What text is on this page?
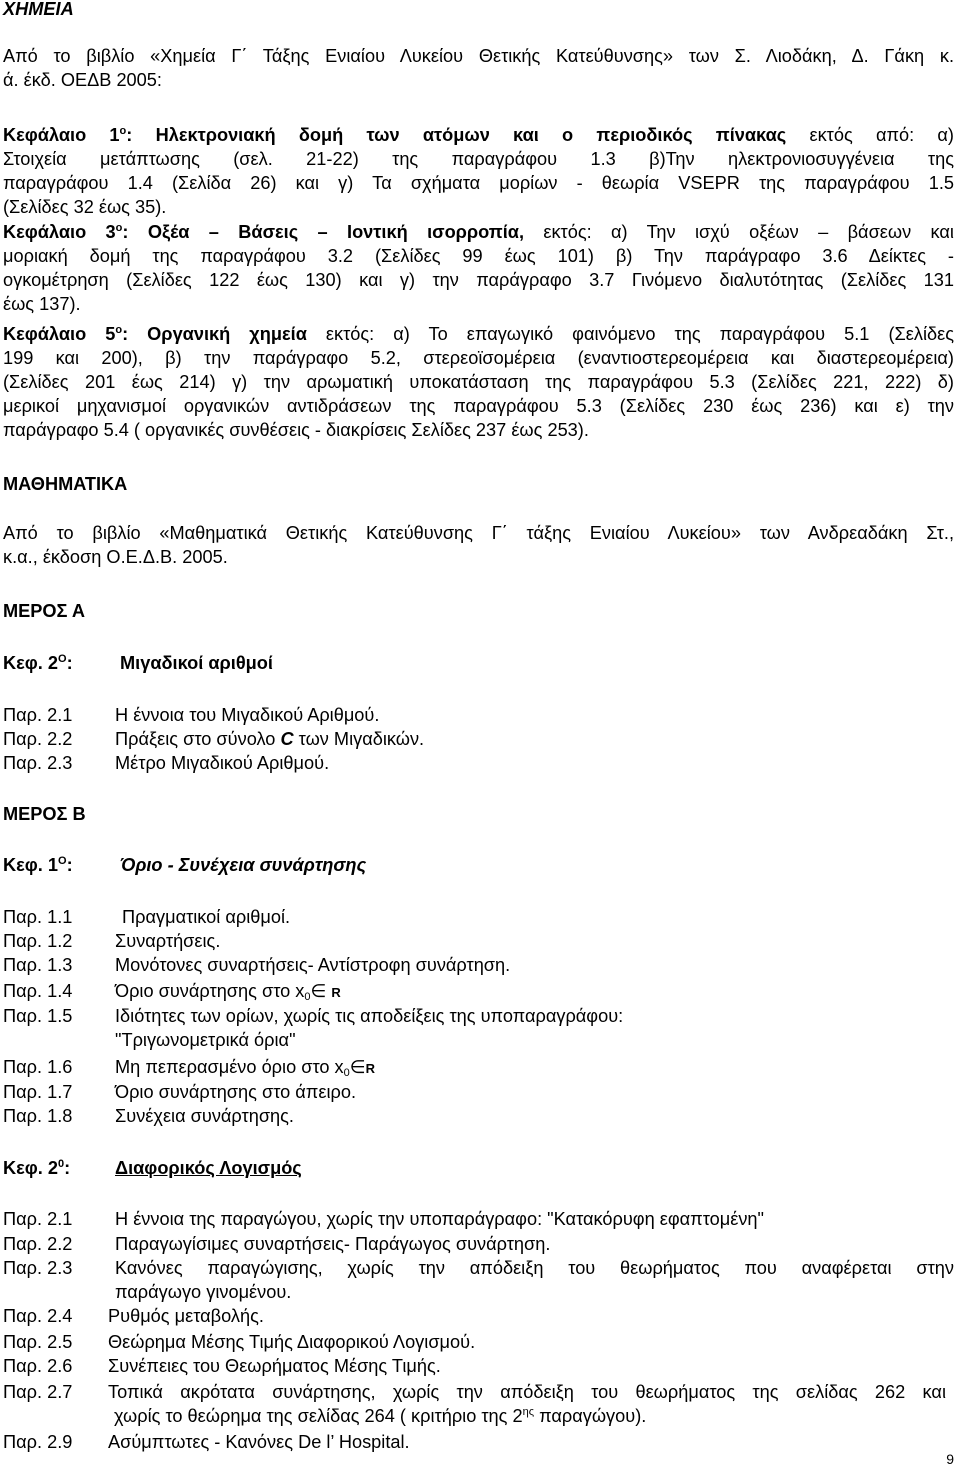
ΧΗΜΕΙΑ
Από το βιβλίο «Χημεία Γ΄ Τάξης Ενιαίου Λυκείου Θετικής Κατεύθυνσης» των Σ. Λιοδάκη, Δ. Γάκη κ.
ά. έκδ. ΟΕΔΒ 2005:
Κεφάλαιο $1^o$: Ηλεκτρονιακή δομή των ατόμων και ο περιοδικός πίνακας εκτός από: α)
Στοιχεία μετάπτωσης (σελ. 21-22) της παραγράφου 1.3 β)Την ηλεκτρονιοσυγγένεια της
παραγράφου 1.4 (Σελίδα 26) και γ) Τα σχήματα μορίων - θεωρία VSEPR της παραγράφου 1.5
(Σελίδες 32 έως 35).
Κεφάλαιο $3^o$: Οξέα – Βάσεις – Ιοντική ισορροπία, εκτός: α) Την ισχύ οξέων – βάσεων και
μοριακή δομή της παραγράφου 3.2 (Σελίδες 99 έως 101) β) Την παράγραφο 3.6 Δείκτες -
ογκομέτρηση (Σελίδες 122 έως 130) και γ) την παράγραφο 3.7 Γινόμενο διαλυτότητας (Σελίδες 131
έως 137).
Κεφάλαιο $5^o$: Οργανική χημεία εκτός: α) Το επαγωγικό φαινόμενο της παραγράφου 5.1 (Σελίδες
199 και 200), β) την παράγραφο 5.2, στερεοϊσομέρεια (εναντιοστερεομέρεια και διαστερεομέρεια)
(Σελίδες 201 έως 214) γ) την αρωματική υποκατάσταση της παραγράφου 5.3 (Σελίδες 221, 222) δ)
μερικοί μηχανισμοί οργανικών αντιδράσεων της παραγράφου 5.3 (Σελίδες 230 έως 236) και ε) την
παράγραφο 5.4 ( οργανικές συνθέσεις - διακρίσεις Σελίδες 237 έως 253).
ΜΑΘΗΜΑΤΙΚΑ
Από το βιβλίο «Μαθηματικά Θετικής Κατεύθυνσης Γ΄ τάξης Ενιαίου Λυκείου» των Ανδρεαδάκη Στ.,
κ.α., έκδοση Ο.Ε.Δ.Β. 2005.
ΜΕΡΟΣ Α
Κεφ. $2^O$:	Μιγαδικοί αριθμοί
Παρ. 2.1 Η έννοια του Μιγαδικού Αριθμού.
Παρ. 2.2 Πράξεις στο σύνολο C των Μιγαδικών.
Παρ. 2.3 Μέτρο Μιγαδικού Αριθμού.
ΜΕΡΟΣ Β
Κεφ. $1^O$:	Όριο - Συνέχεια συνάρτησης
Παρ. 1.1	Πραγματικοί αριθμοί.
Παρ. 1.2 Συναρτήσεις.
Παρ. 1.3 Μονότονες συναρτήσεις- Αντίστροφη συνάρτηση.
Παρ. 1.4 Όριο συνάρτησης στο $x_0\in$ R
Παρ. 1.5 Ιδιότητες των ορίων, χωρίς τις αποδείξεις της υποπαραγράφου:
"Τριγωνομετρικά όρια"
Παρ. 1.6 Μη πεπερασμένο όριο στο $x_0\in R$
Παρ. 1.7 Όριο συνάρτησης στο άπειρο.
Παρ. 1.8 Συνέχεια συνάρτησης.
Κεφ. $2^0$: Διαφορικός Λογισμός
Παρ. 2.1 Η έννοια της παραγώγου, χωρίς την υποπαράγραφο: "Κατακόρυφη εφαπτομένη"
Παρ. 2.2 Παραγωγίσιμες συναρτήσεις- Παράγωγος συνάρτηση.
Παρ. 2.3 Κανόνες παραγώγισης, χωρίς την απόδειξη του θεωρήματος που αναφέρεται στην
παράγωγο γινομένου.
Παρ. 2.4 Ρυθμός μεταβολής.
Παρ. 2.5 Θεώρημα Μέσης Τιμής Διαφορικού Λογισμού.
Παρ. 2.6 Συνέπειες του Θεωρήματος Μέσης Τιμής.
Παρ. 2.7 Τοπικά ακρότατα συνάρτησης, χωρίς την απόδειξη του θεωρήματος της σελίδας 262 και
χωρίς το θεώρημα της σελίδας 264 ( κριτήριο της $2^{\eta\varsigma}$ παραγώγου).
Παρ. 2.9 Ασύμπτωτες - Κανόνες De l’ Hospital.
9
